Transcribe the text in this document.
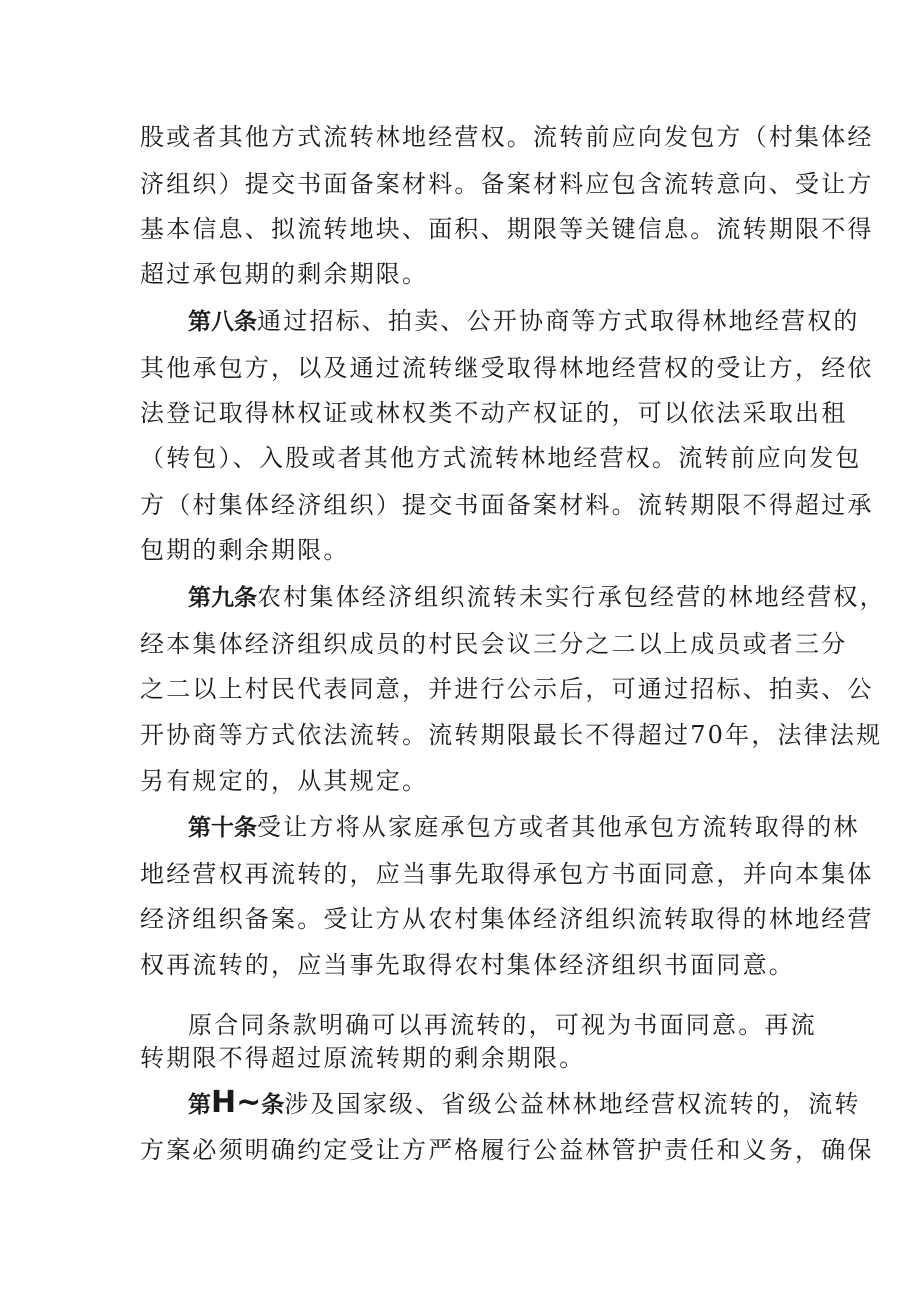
股或者其他方式流转林地经营权。流转前应向发包方（村集体经
济组织）提交书面备案材料。备案材料应包含流转意向、受让方
基本信息、拟流转地块、面积、期限等关键信息。流转期限不得
超过承包期的剩余期限。
第八条通过招标、拍卖、公开协商等方式取得林地经营权的
其他承包方，以及通过流转继受取得林地经营权的受让方，经依
法登记取得林权证或林权类不动产权证的，可以依法采取出租
（转包）、入股或者其他方式流转林地经营权。流转前应向发包
方（村集体经济组织）提交书面备案材料。流转期限不得超过承
包期的剩余期限。
第九条农村集体经济组织流转未实行承包经营的林地经营权，
经本集体经济组织成员的村民会议三分之二以上成员或者三分
之二以上村民代表同意，并进行公示后，可通过招标、拍卖、公
开协商等方式依法流转。流转期限最长不得超过70年，法律法规
另有规定的，从其规定。
第十条受让方将从家庭承包方或者其他承包方流转取得的林
地经营权再流转的，应当事先取得承包方书面同意，并向本集体
经济组织备案。受让方从农村集体经济组织流转取得的林地经营
权再流转的，应当事先取得农村集体经济组织书面同意。
原合同条款明确可以再流转的，可视为书面同意。再流
转期限不得超过原流转期的剩余期限。
第H~条涉及国家级、省级公益林林地经营权流转的，流转
方案必须明确约定受让方严格履行公益林管护责任和义务，确保
